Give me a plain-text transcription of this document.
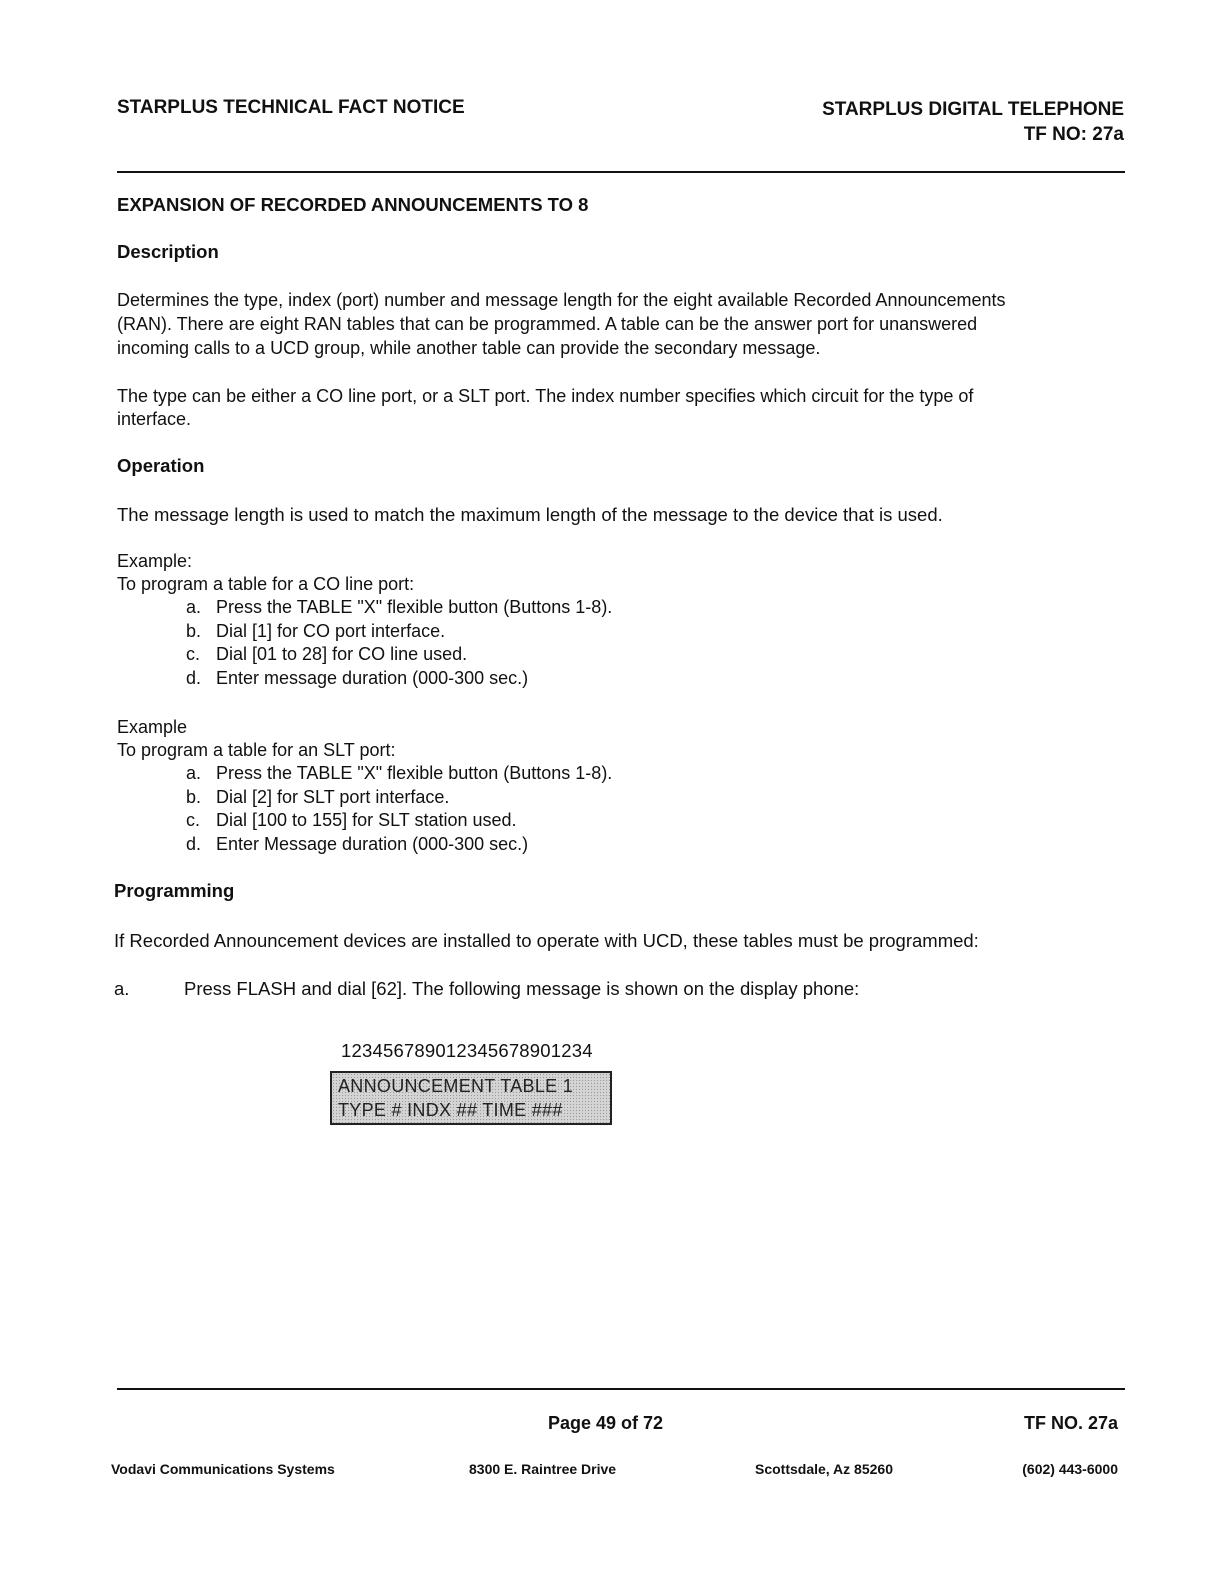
STARPLUS TECHNICAL FACT NOTICE	STARPLUS DIGITAL TELEPHONE
TF NO: 27a
EXPANSION OF RECORDED ANNOUNCEMENTS TO 8
Description
Determines the type, index (port) number and message length for the eight available Recorded Announcements
(RAN). There are eight RAN tables that can be programmed. A table can be the answer port for unanswered
incoming calls to a UCD group, while another table can provide the secondary message.
The type can be either a CO line port, or a SLT port. The index number specifies which circuit for the type of
interface.
Operation
The message length is used to match the maximum length of the message to the device that is used.
Example:
To program a table for a CO line port:
a. Press the TABLE "X" flexible button (Buttons 1-8).
b. Dial [1] for CO port interface.
c. Dial [01 to 28] for CO line used.
d. Enter message duration (000-300 sec.)
Example
To program a table for an SLT port:
a. Press the TABLE "X" flexible button (Buttons 1-8).
b. Dial [2] for SLT port interface.
c. Dial [100 to 155] for SLT station used.
d. Enter Message duration (000-300 sec.)
Programming
If Recorded Announcement devices are installed to operate with UCD, these tables must be programmed:
a.	Press FLASH and dial [62]. The following message is shown on the display phone:
123456789012345678901234
ANNOUNCEMENT TABLE 1
TYPE # INDX ## TIME ###
Page 49 of 72	TF NO. 27a
Vodavi Communications Systems	8300 E. Raintree Drive	Scottsdale, Az 85260	(602) 443-6000
